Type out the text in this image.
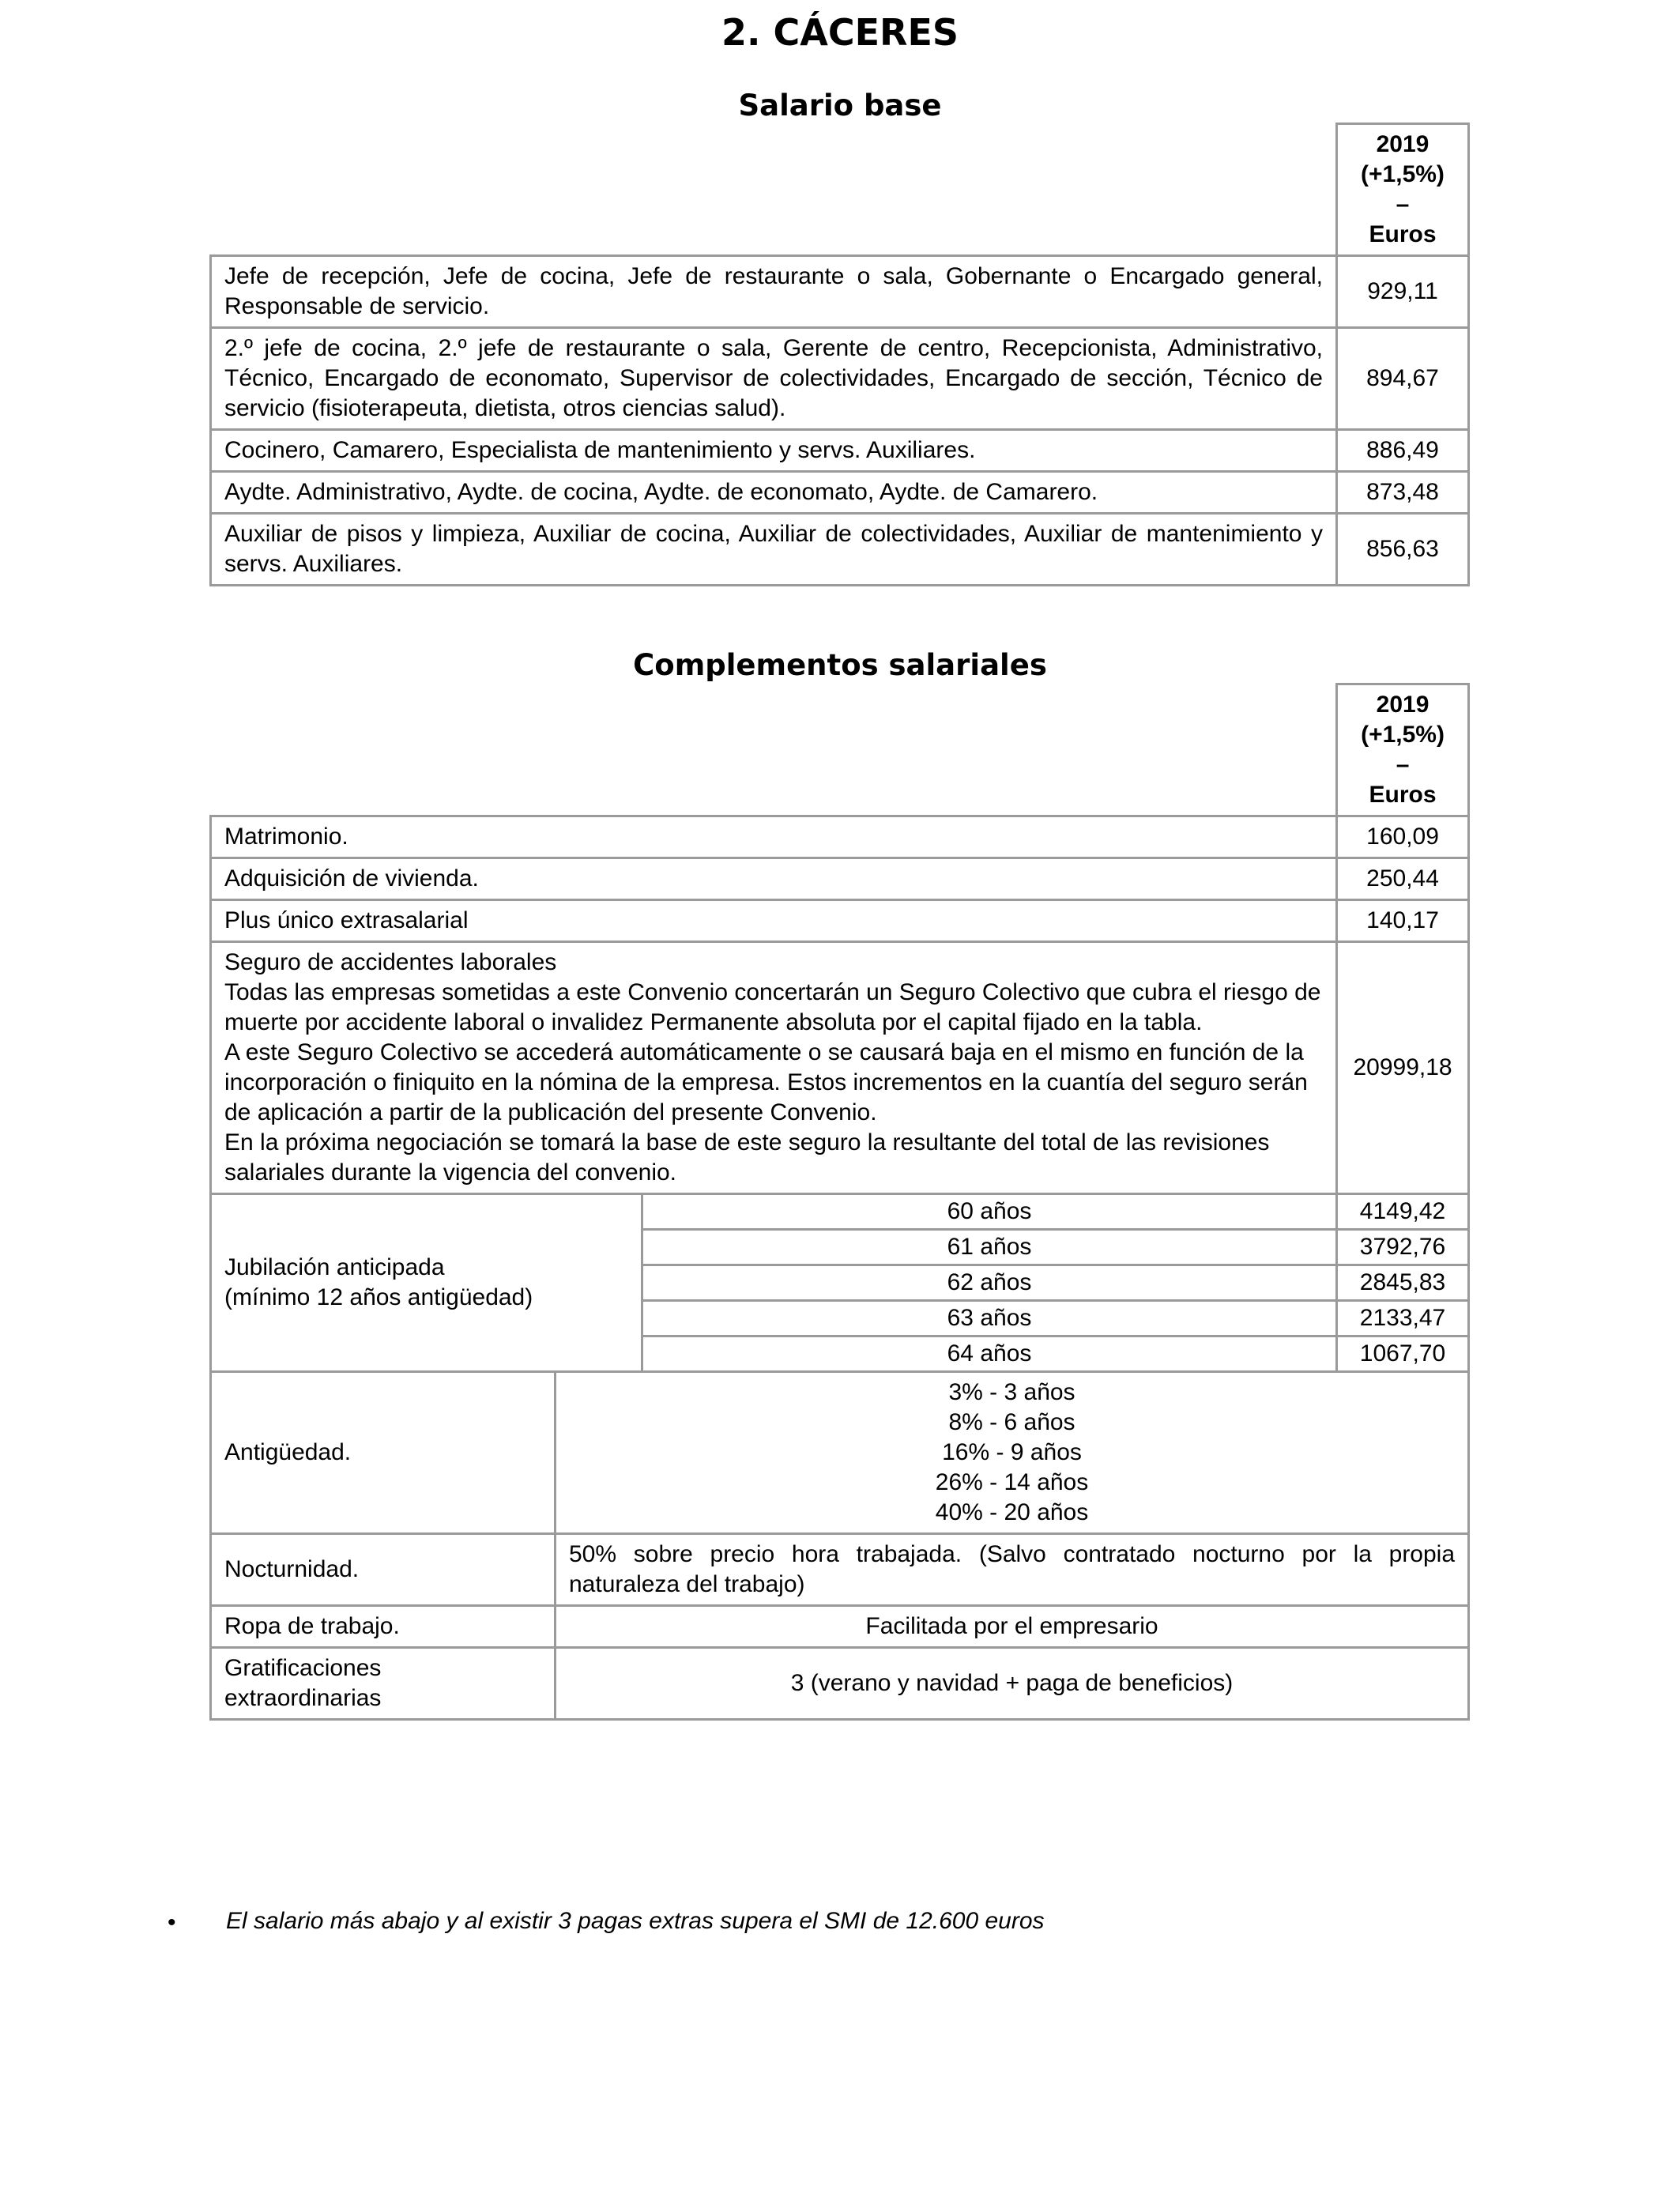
2. CÁCERES
Salario base

	2019
(+1,5%)
–
Euros

Jefe de recepción, Jefe de cocina, Jefe de restaurante o sala, Gobernante o Encargado general, Responsable de servicio.	929,11
2.º jefe de cocina, 2.º jefe de restaurante o sala, Gerente de centro, Recepcionista, Administrativo, Técnico, Encargado de economato, Supervisor de colectividades, Encargado de sección, Técnico de servicio (fisioterapeuta, dietista, otros ciencias salud).	894,67
Cocinero, Camarero, Especialista de mantenimiento y servs. Auxiliares.	886,49
Aydte. Administrativo, Aydte. de cocina, Aydte. de economato, Aydte. de Camarero.	873,48
Auxiliar de pisos y limpieza, Auxiliar de cocina, Auxiliar de colectividades, Auxiliar de mantenimiento y servs. Auxiliares.	856,63
Complementos salariales

			2019
(+1,5%)
–
Euros

Matrimonio.			160,09
Adquisición de vivienda.			250,44
Plus único extrasalarial			140,17

Seguro de accidentes laborales
Todas las empresas sometidas a este Convenio concertarán un Seguro Colectivo que cubra el riesgo de muerte por accidente laboral o invalidez Permanente absoluta por el capital fijado en la tabla.
A este Seguro Colectivo se accederá automáticamente o se causará baja en el mismo en función de la incorporación o finiquito en la nómina de la empresa. Estos incrementos en la cuantía del seguro serán de aplicación a partir de la publicación del presente Convenio.
En la próxima negociación se tomará la base de este seguro la resultante del total de las revisiones salariales durante la vigencia del convenio.			20999,18

Jubilación anticipada
(mínimo 12 años antigüedad)		60 años	4149,42
		61 años	3792,76
		62 años	2845,83
		63 años	2133,47
		64 años	1067,70
Antigüedad.	3% - 3 años
8% - 6 años
16% - 9 años
26% - 14 años
40% - 20 años		

Nocturnidad.	50% sobre precio hora trabajada. (Salvo contratado nocturno por la propia naturaleza del trabajo)		
Ropa de trabajo.	Facilitada por el empresario		
Gratificaciones extraordinarias	3 (verano y navidad + paga de beneficios)		
• El salario más abajo y al existir 3 pagas extras supera el SMI de 12.600 euros
